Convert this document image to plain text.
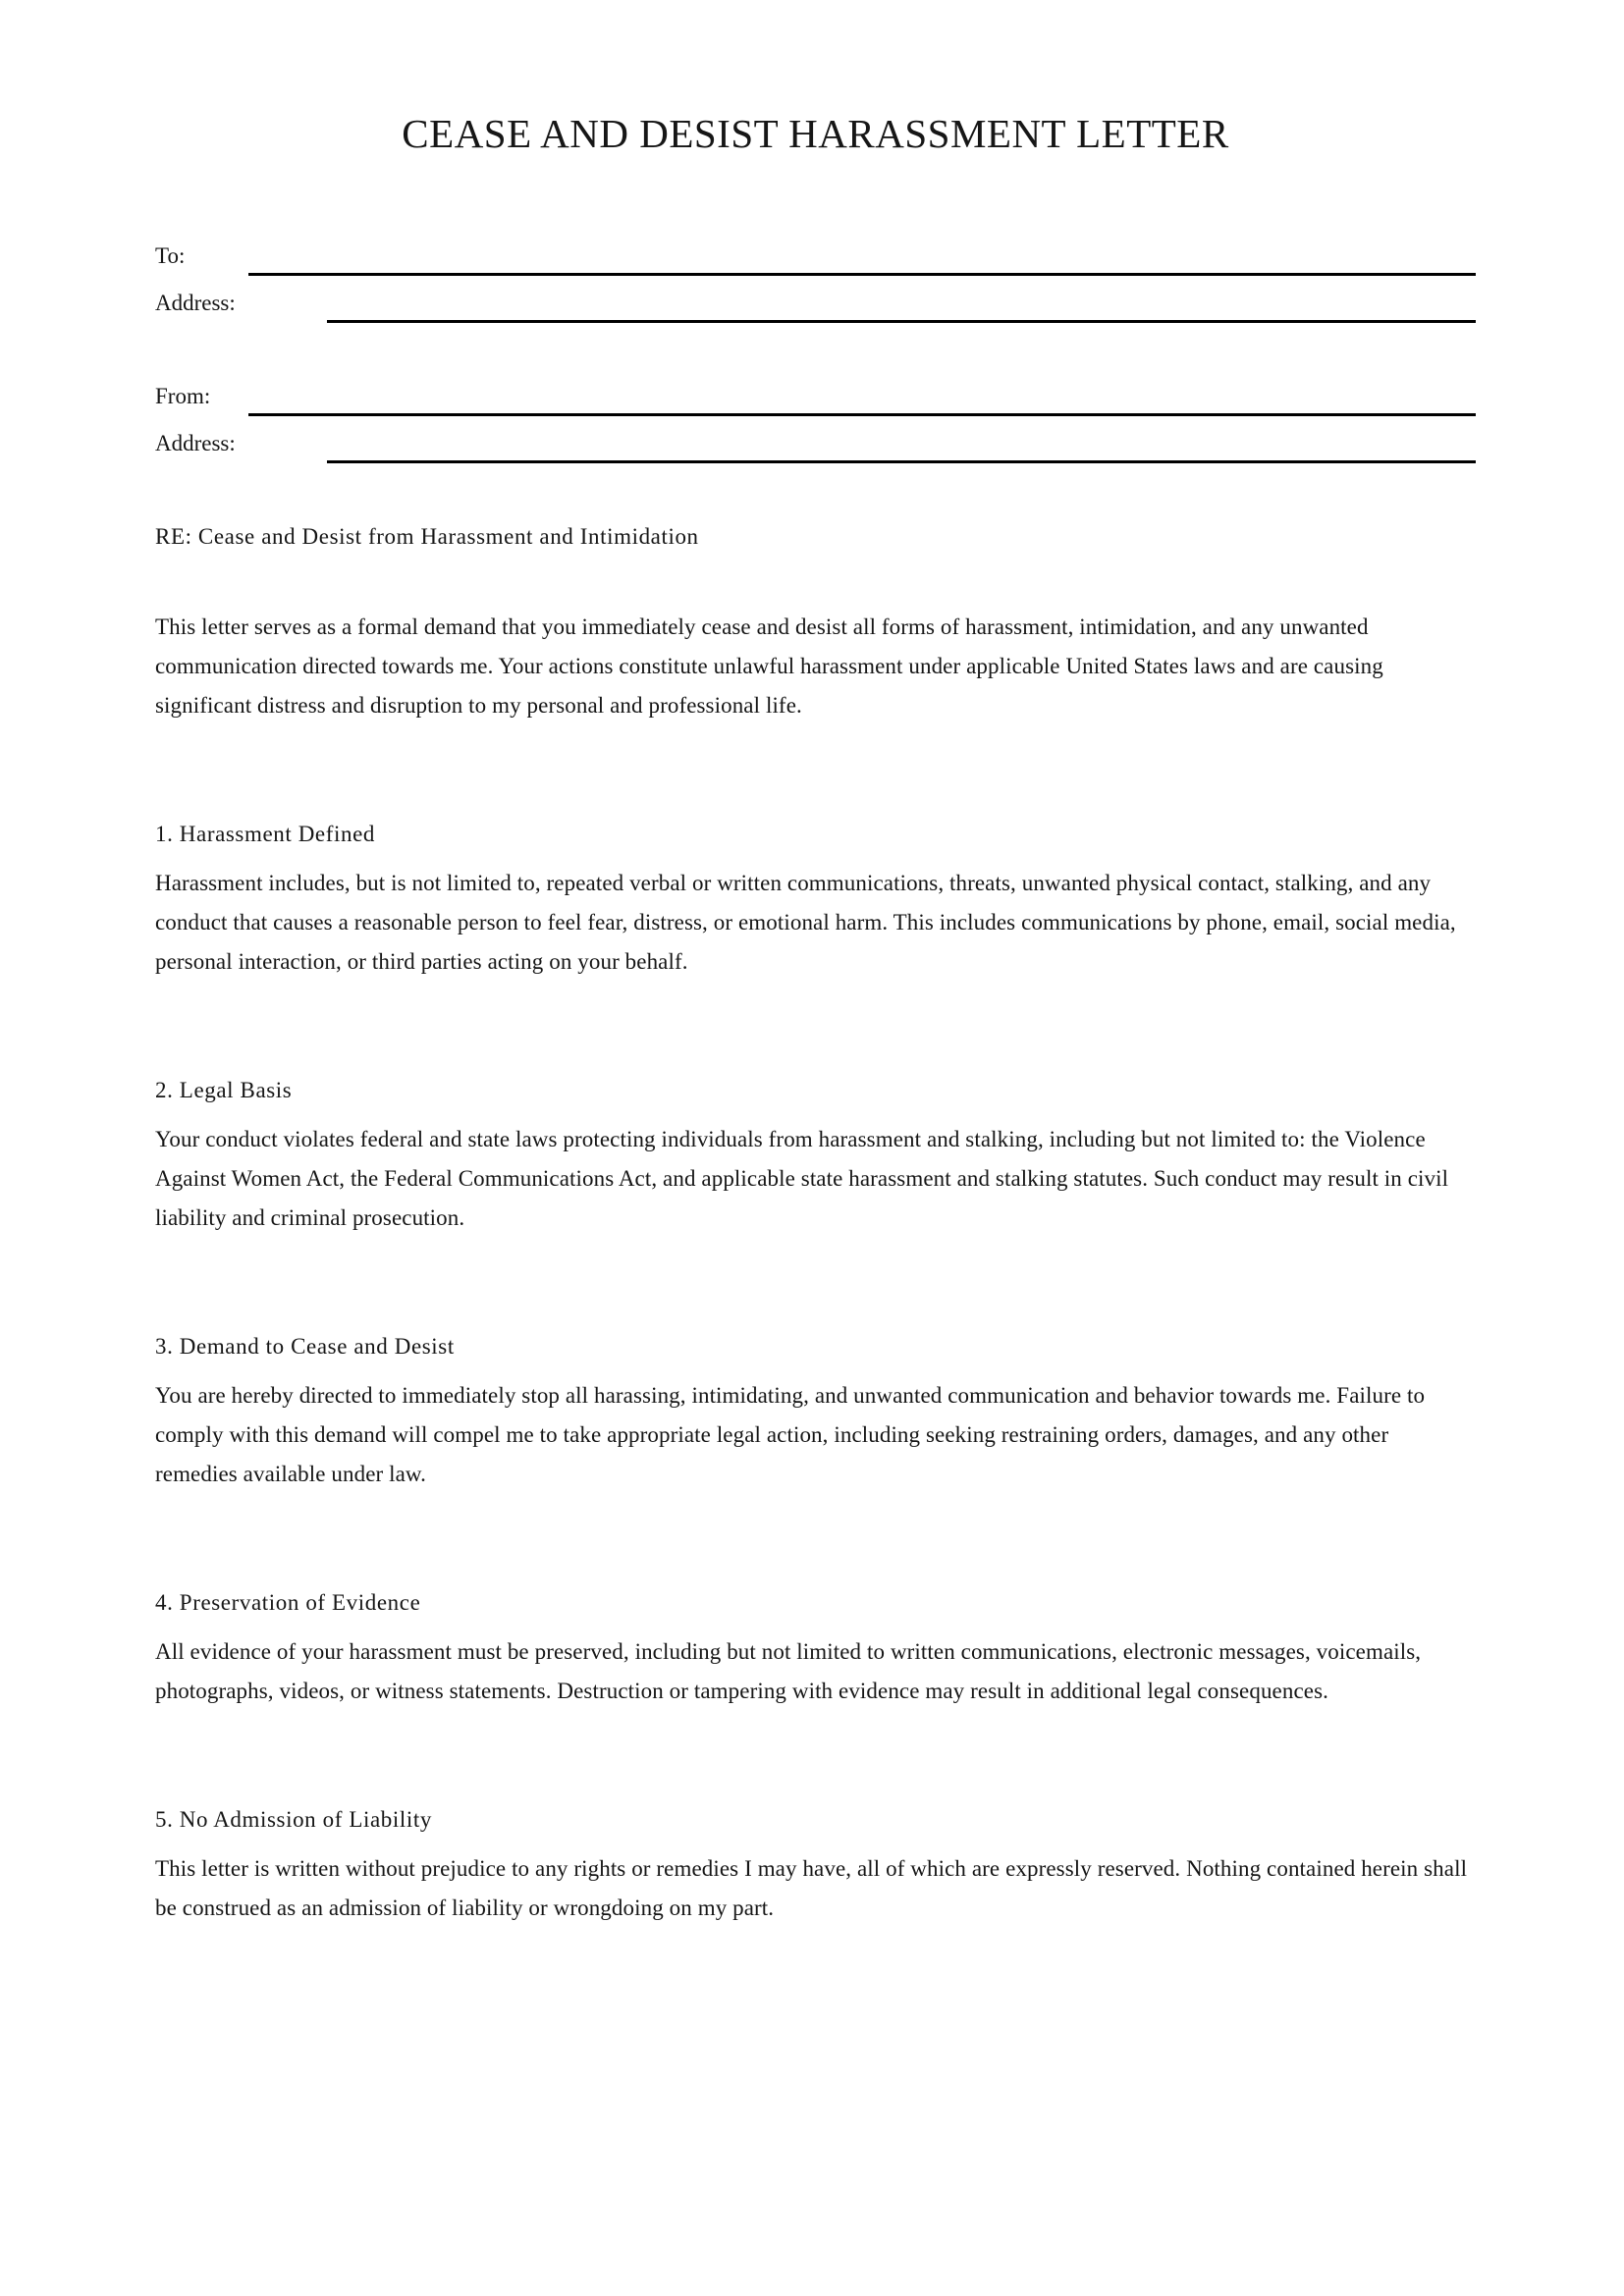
CEASE AND DESIST HARASSMENT LETTER
To:
Address:
From:
Address:

RE: Cease and Desist from Harassment and Intimidation

This letter serves as a formal demand that you immediately cease and desist all forms of harassment, intimidation, and any unwanted communication directed towards me. Your actions constitute unlawful harassment under applicable United States laws and are causing significant distress and disruption to my personal and professional life.

1. Harassment Defined

Harassment includes, but is not limited to, repeated verbal or written communications, threats, unwanted physical contact, stalking, and any conduct that causes a reasonable person to feel fear, distress, or emotional harm. This includes communications by phone, email, social media, personal interaction, or third parties acting on your behalf.

2. Legal Basis

Your conduct violates federal and state laws protecting individuals from harassment and stalking, including but not limited to: the Violence Against Women Act, the Federal Communications Act, and applicable state harassment and stalking statutes. Such conduct may result in civil liability and criminal prosecution.

3. Demand to Cease and Desist

You are hereby directed to immediately stop all harassing, intimidating, and unwanted communication and behavior towards me. Failure to comply with this demand will compel me to take appropriate legal action, including seeking restraining orders, damages, and any other remedies available under law.

4. Preservation of Evidence

All evidence of your harassment must be preserved, including but not limited to written communications, electronic messages, voicemails, photographs, videos, or witness statements. Destruction or tampering with evidence may result in additional legal consequences.

5. No Admission of Liability

This letter is written without prejudice to any rights or remedies I may have, all of which are expressly reserved. Nothing contained herein shall be construed as an admission of liability or wrongdoing on my part.
